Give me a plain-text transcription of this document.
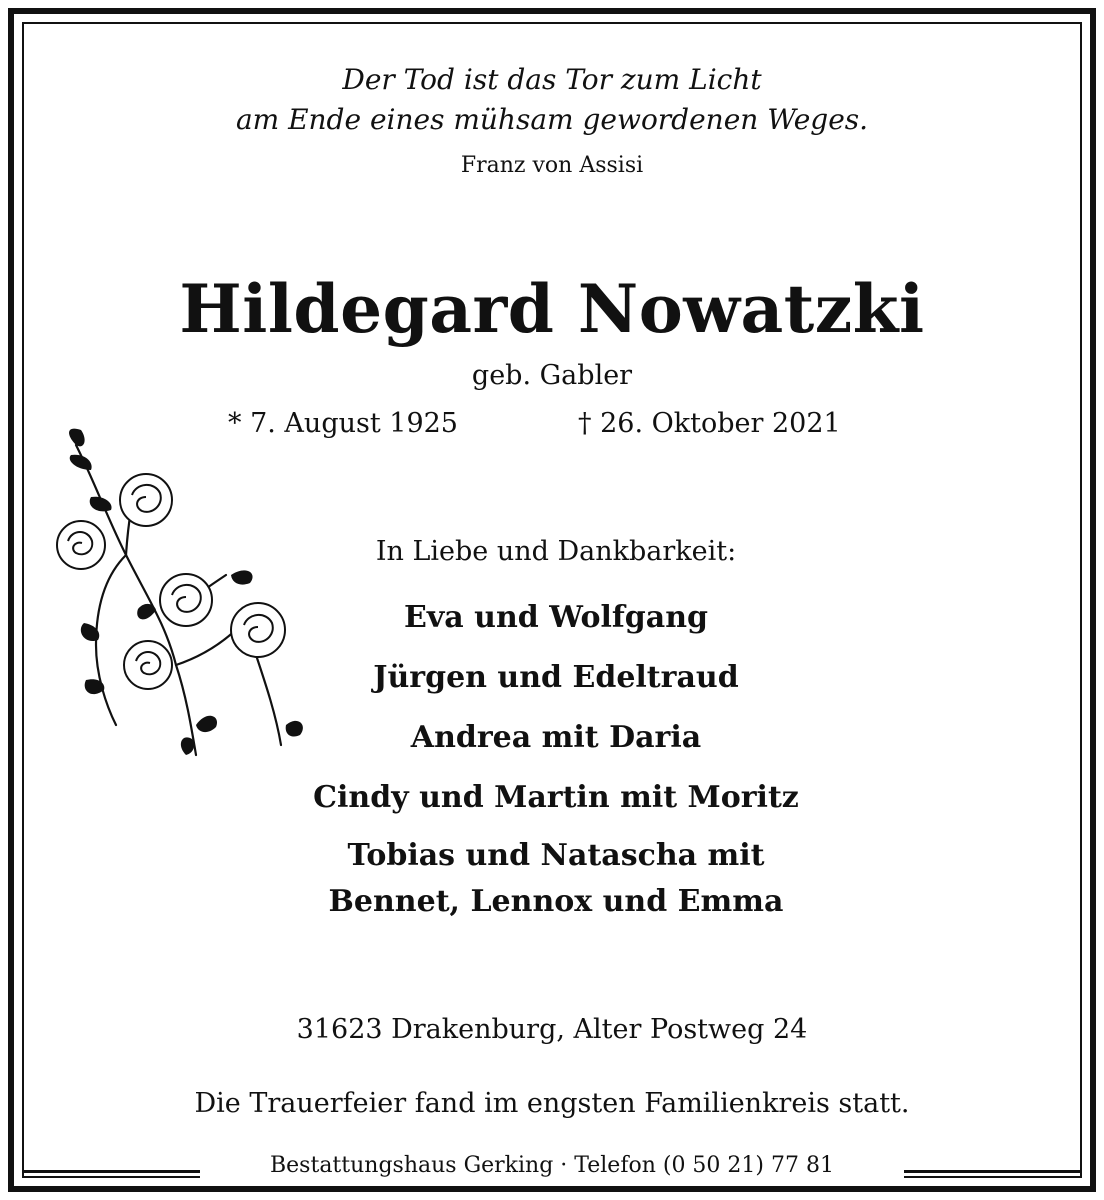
Der Tod ist das Tor zum Licht
am Ende eines mühsam gewordenen Weges.
Franz von Assisi
Hildegard Nowatzki
geb. Gabler
* 7. August 1925	† 26. Oktober 2021
In Liebe und Dankbarkeit:
Eva und Wolfgang
Jürgen und Edeltraud
Andrea mit Daria
Cindy und Martin mit Moritz
Tobias und Natascha mit
Bennet, Lennox und Emma
31623 Drakenburg, Alter Postweg 24
Die Trauerfeier fand im engsten Familienkreis statt.
Bestattungshaus Gerking · Telefon (0 50 21) 77 81
